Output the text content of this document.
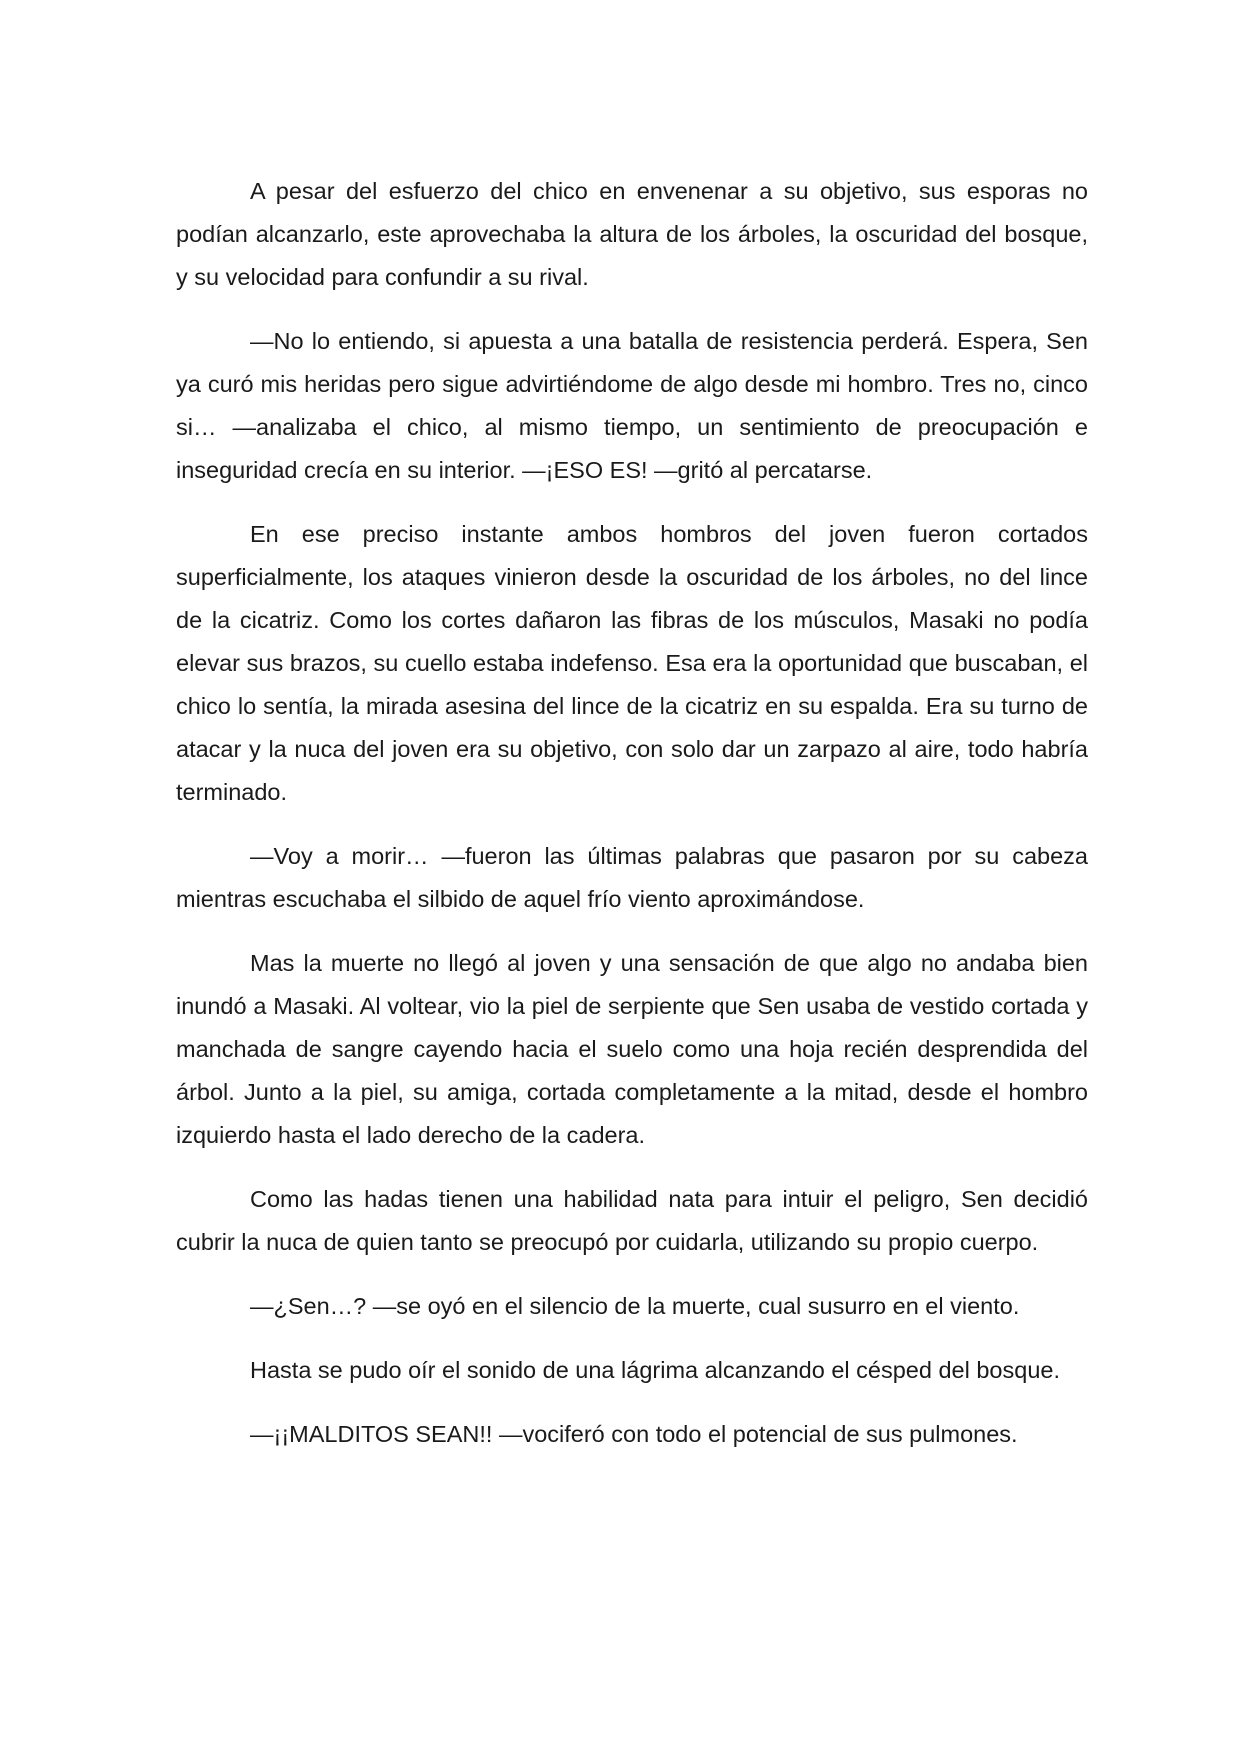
A pesar del esfuerzo del chico en envenenar a su objetivo, sus esporas no podían alcanzarlo, este aprovechaba la altura de los árboles, la oscuridad del bosque, y su velocidad para confundir a su rival.

—No lo entiendo, si apuesta a una batalla de resistencia perderá. Espera, Sen ya curó mis heridas pero sigue advirtiéndome de algo desde mi hombro. Tres no, cinco si… —analizaba el chico, al mismo tiempo, un sentimiento de preocupación e inseguridad crecía en su interior. —¡ESO ES! —gritó al percatarse.

En ese preciso instante ambos hombros del joven fueron cortados superficialmente, los ataques vinieron desde la oscuridad de los árboles, no del lince de la cicatriz. Como los cortes dañaron las fibras de los músculos, Masaki no podía elevar sus brazos, su cuello estaba indefenso. Esa era la oportunidad que buscaban, el chico lo sentía, la mirada asesina del lince de la cicatriz en su espalda. Era su turno de atacar y la nuca del joven era su objetivo, con solo dar un zarpazo al aire, todo habría terminado.

—Voy a morir… —fueron las últimas palabras que pasaron por su cabeza mientras escuchaba el silbido de aquel frío viento aproximándose.

Mas la muerte no llegó al joven y una sensación de que algo no andaba bien inundó a Masaki. Al voltear, vio la piel de serpiente que Sen usaba de vestido cortada y manchada de sangre cayendo hacia el suelo como una hoja recién desprendida del árbol. Junto a la piel, su amiga, cortada completamente a la mitad, desde el hombro izquierdo hasta el lado derecho de la cadera.

Como las hadas tienen una habilidad nata para intuir el peligro, Sen decidió cubrir la nuca de quien tanto se preocupó por cuidarla, utilizando su propio cuerpo.

—¿Sen…? —se oyó en el silencio de la muerte, cual susurro en el viento.

Hasta se pudo oír el sonido de una lágrima alcanzando el césped del bosque.

—¡¡MALDITOS SEAN!! —vociferó con todo el potencial de sus pulmones.
